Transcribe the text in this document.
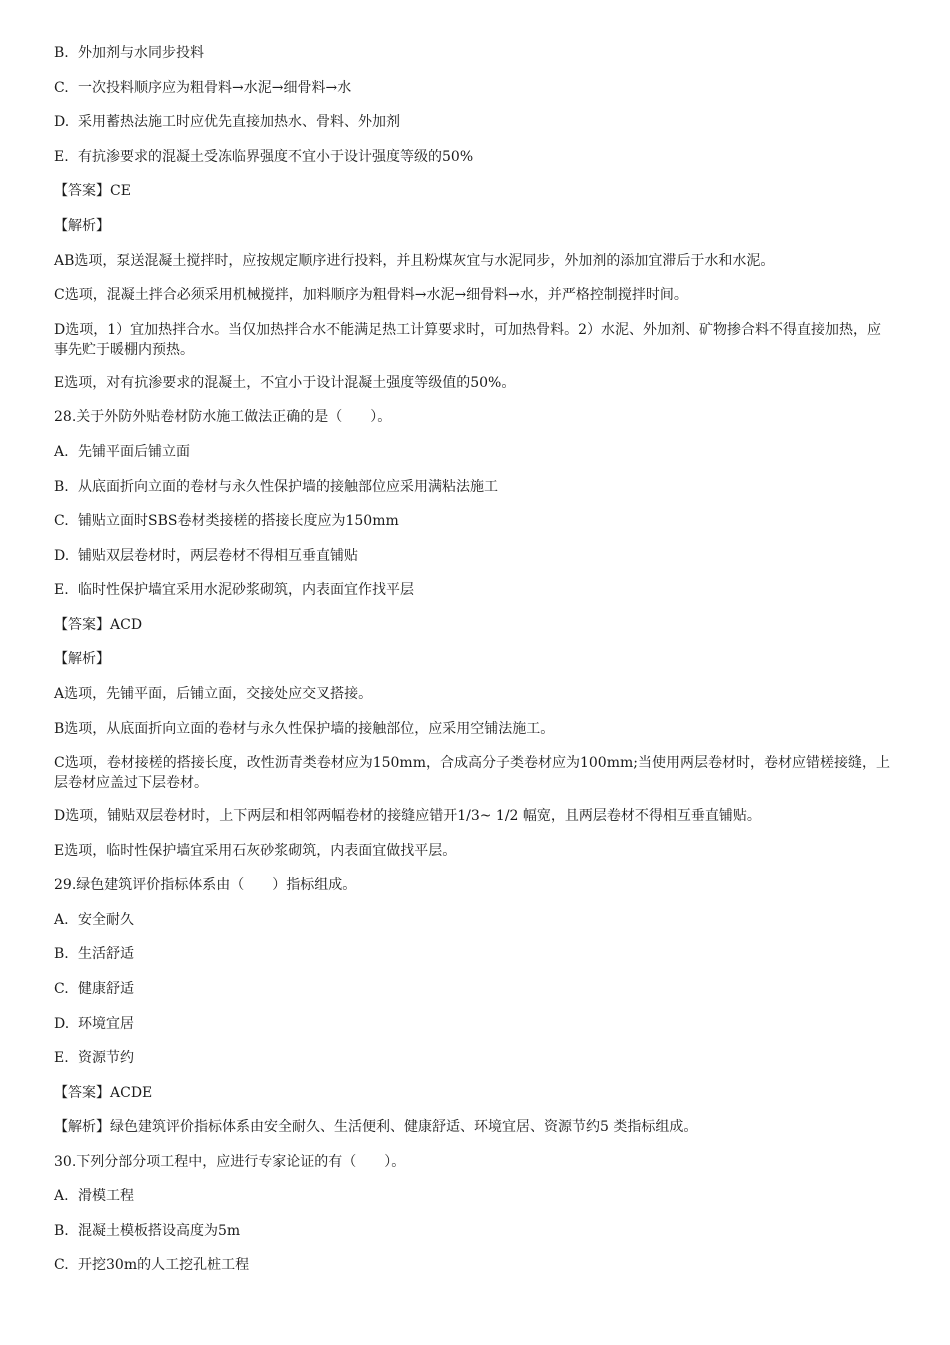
B. 外加剂与水同步投料
C. 一次投料顺序应为粗骨料→水泥→细骨料→水
D. 采用蓄热法施工时应优先直接加热水、骨料、外加剂
E. 有抗渗要求的混凝土受冻临界强度不宜小于设计强度等级的50%
【答案】CE
【解析】
AB选项，泵送混凝土搅拌时，应按规定顺序进行投料，并且粉煤灰宜与水泥同步，外加剂的添加宜滞后于水和水泥。
C选项，混凝土拌合必须采用机械搅拌，加料顺序为粗骨料→水泥→细骨料→水，并严格控制搅拌时间。
D选项，1）宜加热拌合水。当仅加热拌合水不能满足热工计算要求时，可加热骨料。2）水泥、外加剂、矿物掺合料不得直接加热，应事先贮于暖棚内预热。
E选项，对有抗渗要求的混凝土，不宜小于设计混凝土强度等级值的50%。
28.关于外防外贴卷材防水施工做法正确的是（　　）。
A. 先铺平面后铺立面
B. 从底面折向立面的卷材与永久性保护墙的接触部位应采用满粘法施工
C. 铺贴立面时SBS卷材类接槎的搭接长度应为150mm
D. 铺贴双层卷材时，两层卷材不得相互垂直铺贴
E. 临时性保护墙宜采用水泥砂浆砌筑，内表面宜作找平层
【答案】ACD
【解析】
A选项，先铺平面，后铺立面，交接处应交叉搭接。
B选项，从底面折向立面的卷材与永久性保护墙的接触部位，应采用空铺法施工。
C选项，卷材接槎的搭接长度，改性沥青类卷材应为150mm，合成高分子类卷材应为100mm;当使用两层卷材时，卷材应错槎接缝，上层卷材应盖过下层卷材。
D选项，铺贴双层卷材时，上下两层和相邻两幅卷材的接缝应错开1/3~ 1/2 幅宽，且两层卷材不得相互垂直铺贴。
E选项，临时性保护墙宜采用石灰砂浆砌筑，内表面宜做找平层。
29.绿色建筑评价指标体系由（　　）指标组成。
A. 安全耐久
B. 生活舒适
C. 健康舒适
D. 环境宜居
E. 资源节约
【答案】ACDE
【解析】绿色建筑评价指标体系由安全耐久、生活便利、健康舒适、环境宜居、资源节约5 类指标组成。
30.下列分部分项工程中，应进行专家论证的有（　　）。
A. 滑模工程
B. 混凝土模板搭设高度为5m
C. 开挖30m的人工挖孔桩工程
